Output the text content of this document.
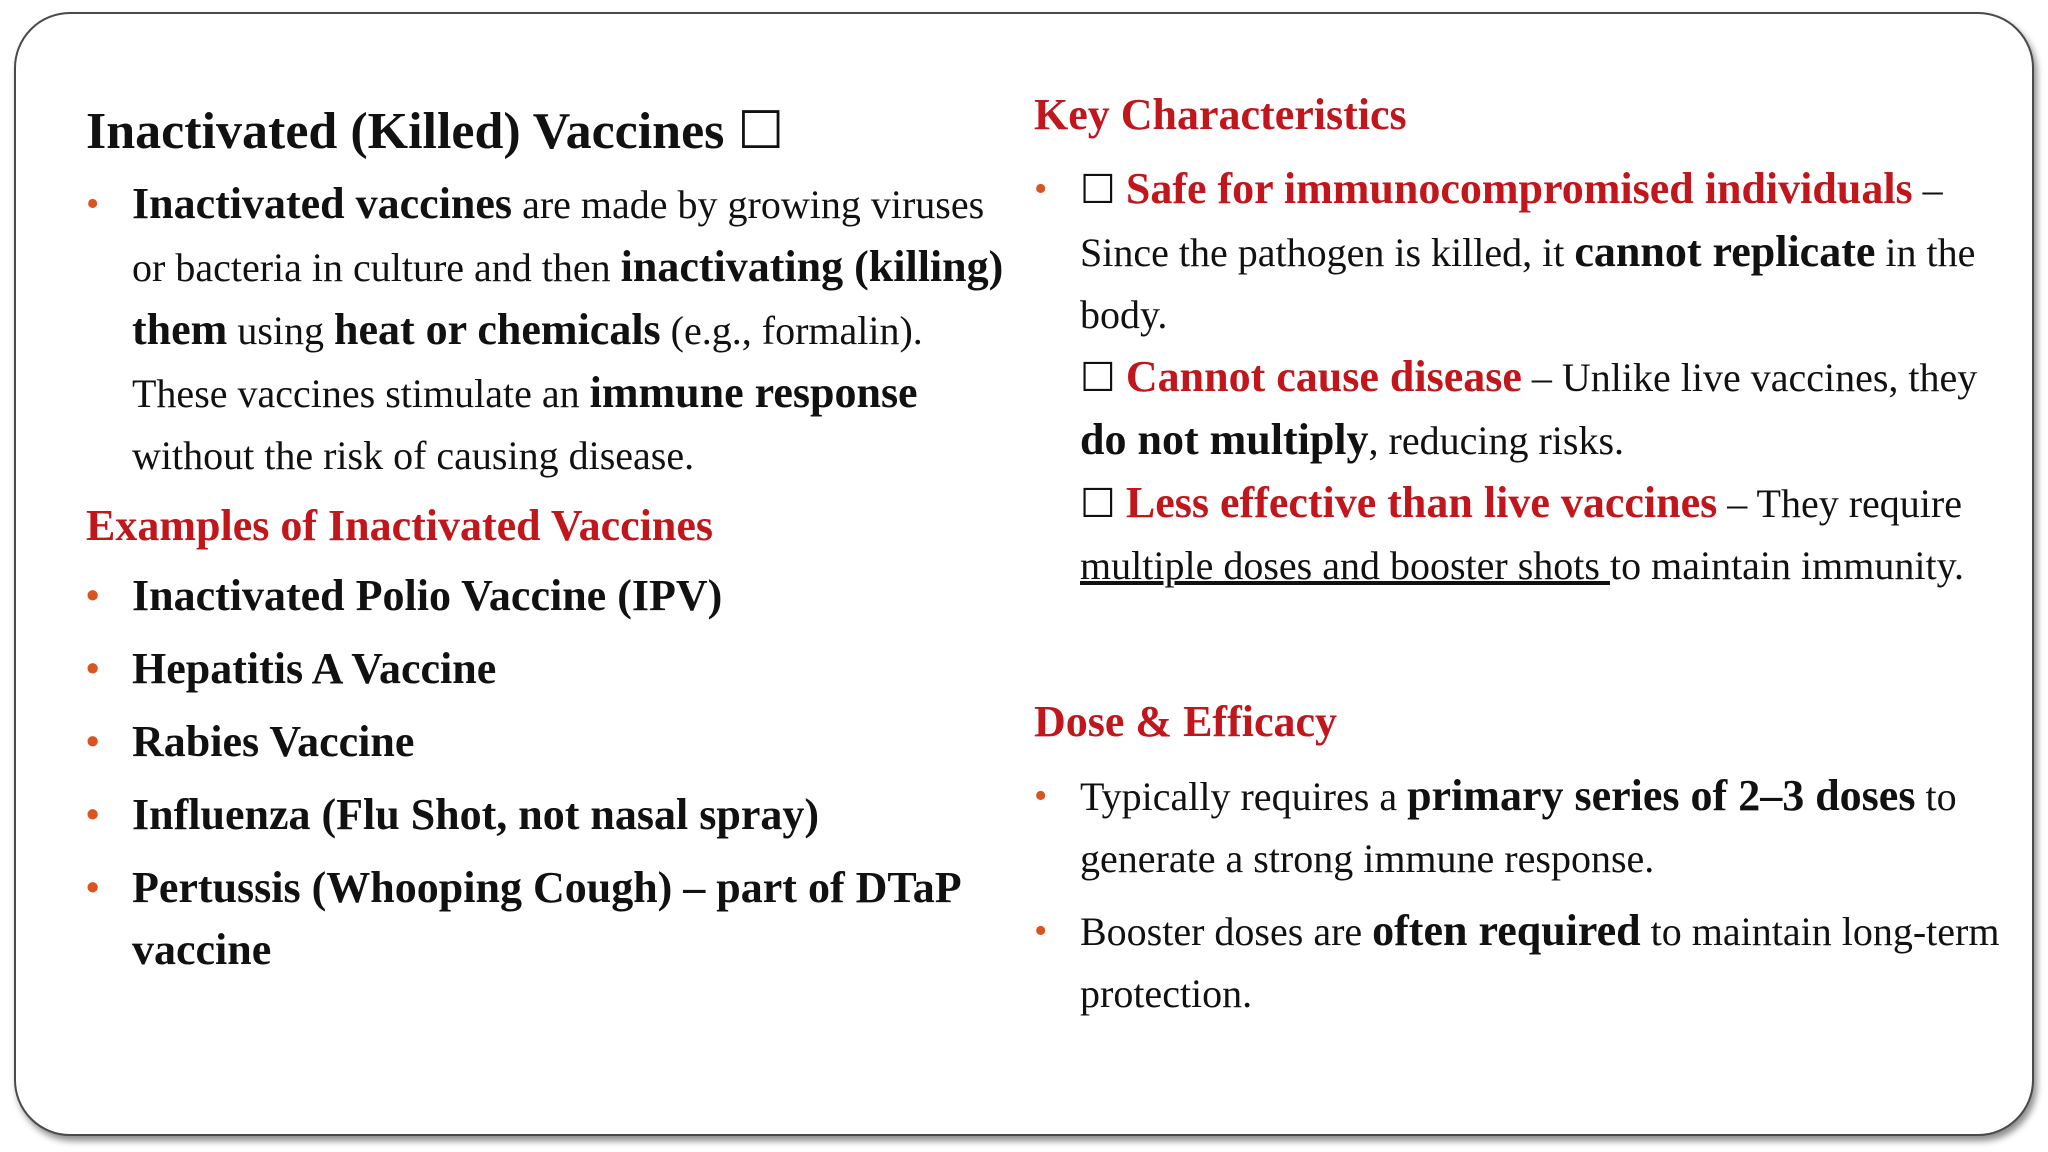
Inactivated (Killed) Vaccines ☐
• Inactivated vaccines are made by growing viruses or bacteria in culture and then inactivating (killing) them using heat or chemicals (e.g., formalin). These vaccines stimulate an immune response without the risk of causing disease.
Examples of Inactivated Vaccines
• Inactivated Polio Vaccine (IPV)
• Hepatitis A Vaccine
• Rabies Vaccine
• Influenza (Flu Shot, not nasal spray)
• Pertussis (Whooping Cough) – part of DTaP vaccine
Key Characteristics
• ☐ Safe for immunocompromised individuals – Since the pathogen is killed, it cannot replicate in the body.
☐ Cannot cause disease – Unlike live vaccines, they do not multiply, reducing risks.
☐ Less effective than live vaccines – They require multiple doses and booster shots to maintain immunity.
Dose & Efficacy
• Typically requires a primary series of 2–3 doses to generate a strong immune response.
• Booster doses are often required to maintain long-term protection.
